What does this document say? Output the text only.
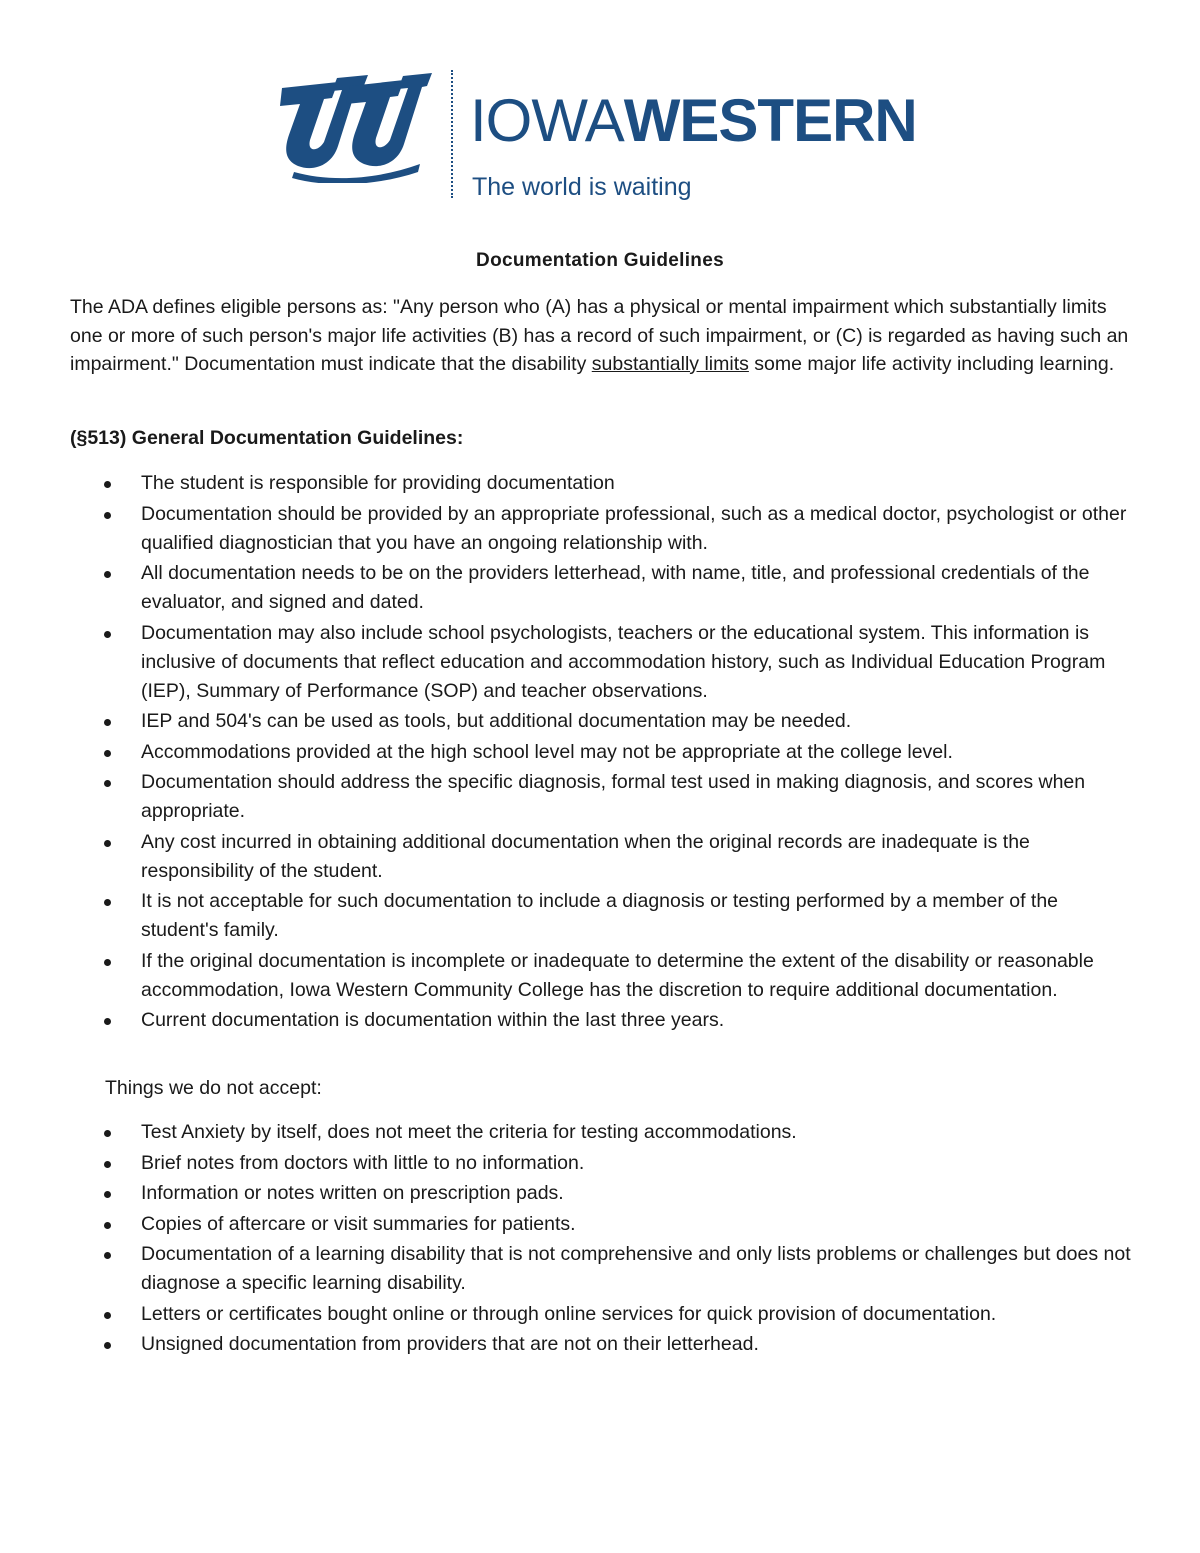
IOWAWESTERN
The world is waiting
Documentation Guidelines

The ADA defines eligible persons as: "Any person who (A) has a physical or mental impairment which substantially limits one or more of such person's major life activities (B) has a record of such impairment, or (C) is regarded as having such an impairment." Documentation must indicate that the disability substantially limits some major life activity including learning.

(§513) General Documentation Guidelines:

The student is responsible for providing documentation
Documentation should be provided by an appropriate professional, such as a medical doctor, psychologist or other qualified diagnostician that you have an ongoing relationship with.
All documentation needs to be on the providers letterhead, with name, title, and professional credentials of the evaluator, and signed and dated.
Documentation may also include school psychologists, teachers or the educational system. This information is inclusive of documents that reflect education and accommodation history, such as Individual Education Program (IEP), Summary of Performance (SOP) and teacher observations.
IEP and 504's can be used as tools, but additional documentation may be needed.
Accommodations provided at the high school level may not be appropriate at the college level.
Documentation should address the specific diagnosis, formal test used in making diagnosis, and scores when appropriate.
Any cost incurred in obtaining additional documentation when the original records are inadequate is the responsibility of the student.
It is not acceptable for such documentation to include a diagnosis or testing performed by a member of the student's family.
If the original documentation is incomplete or inadequate to determine the extent of the disability or reasonable accommodation, Iowa Western Community College has the discretion to require additional documentation.
Current documentation is documentation within the last three years.

Things we do not accept:

Test Anxiety by itself, does not meet the criteria for testing accommodations.
Brief notes from doctors with little to no information.
Information or notes written on prescription pads.
Copies of aftercare or visit summaries for patients.
Documentation of a learning disability that is not comprehensive and only lists problems or challenges but does not diagnose a specific learning disability.
Letters or certificates bought online or through online services for quick provision of documentation.
Unsigned documentation from providers that are not on their letterhead.
